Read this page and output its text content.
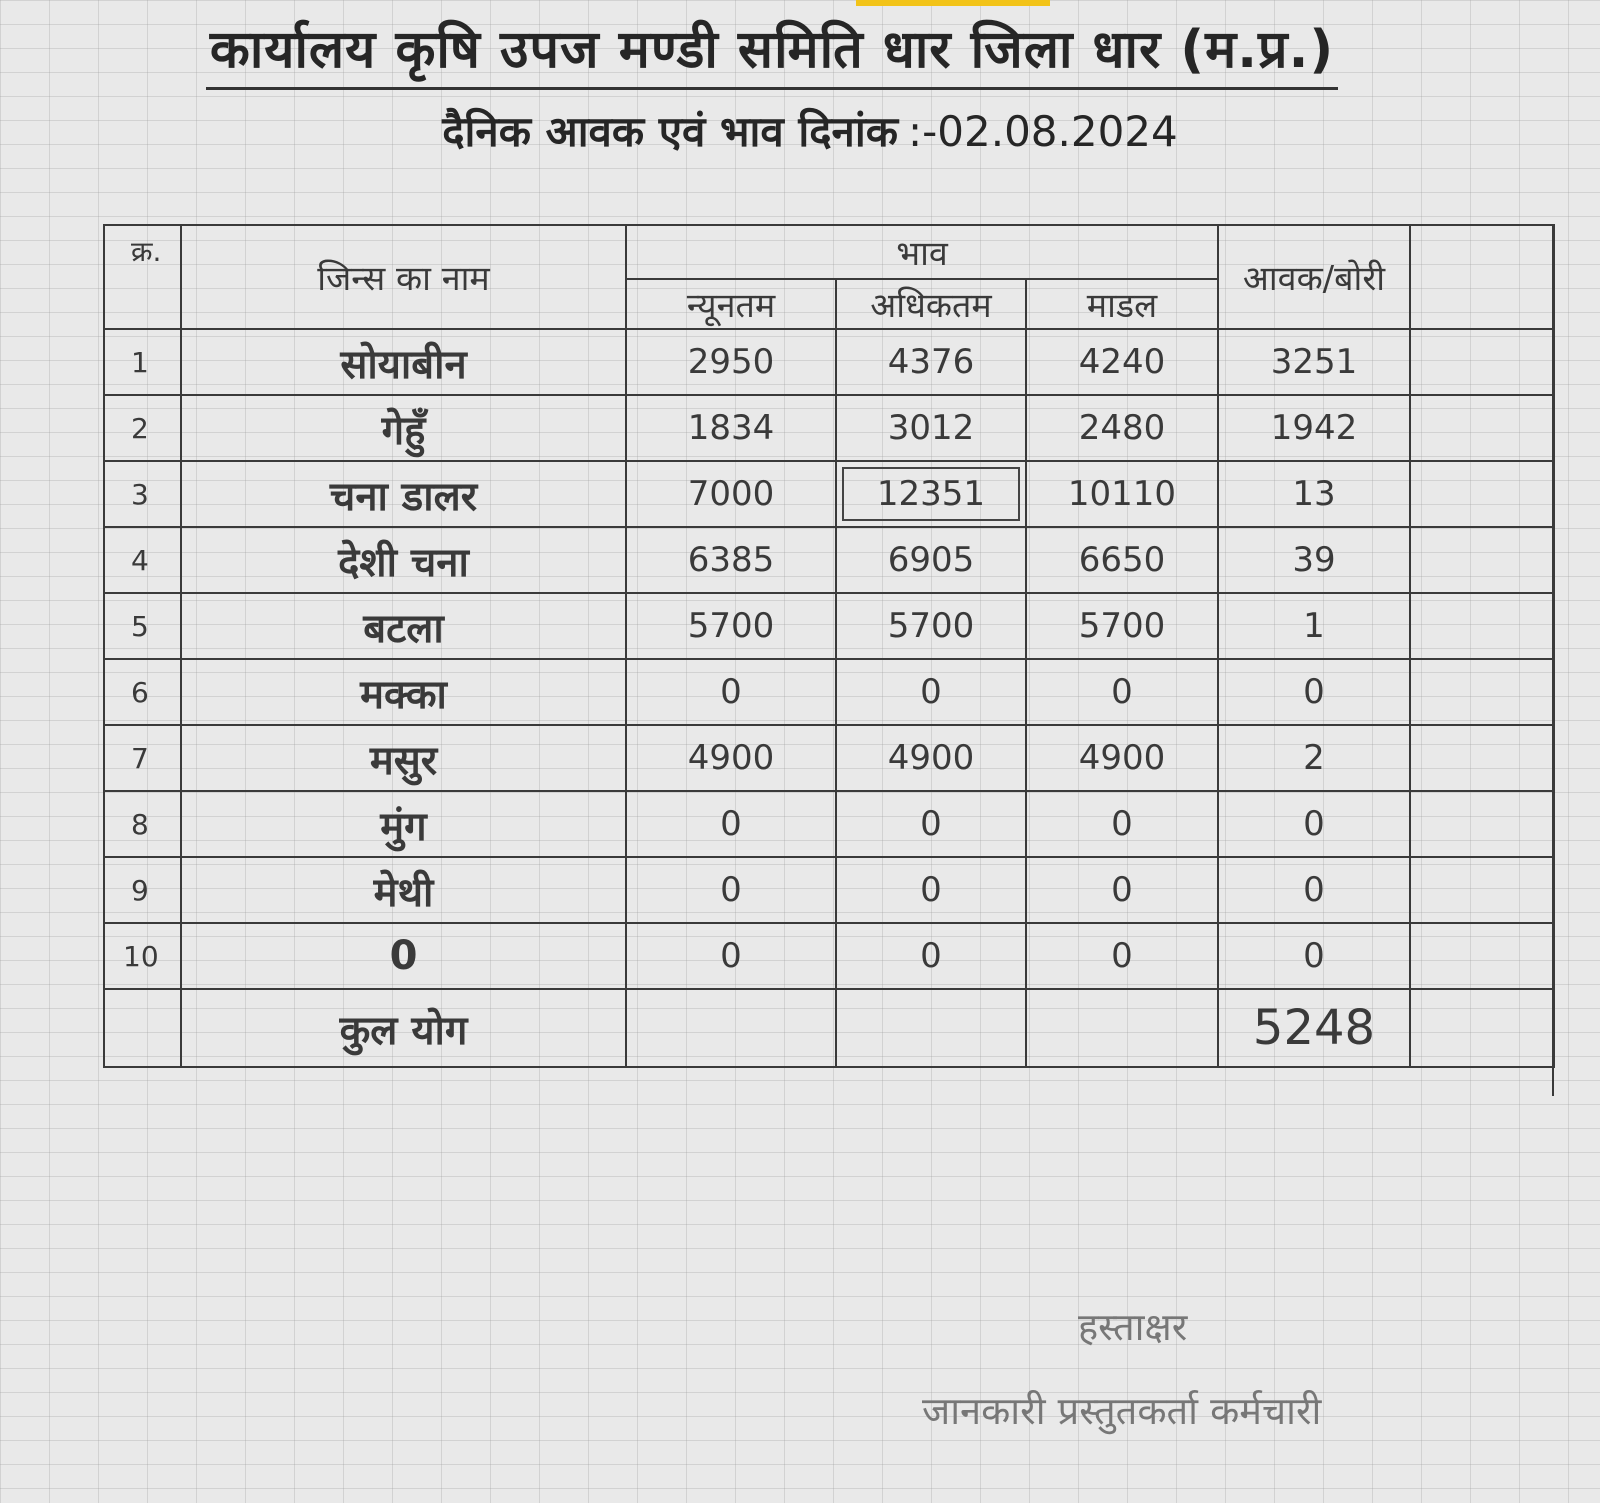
कार्यालय कृषि उपज मण्डी समिति धार जिला धार (म.प्र.)
दैनिक आवक एवं भाव दिनांक :-02.08.2024
क्र.	जिन्स का नाम	भाव			आवक/बोरी	
		न्यूनतम	अधिकतम	माडल		
1	सोयाबीन	2950	4376	4240	3251	
2	गेहुँ	1834	3012	2480	1942	
3	चना डालर	7000	12351	10110	13	
4	देशी चना	6385	6905	6650	39	
5	बटला	5700	5700	5700	1	
6	मक्का	0	0	0	0	
7	मसुर	4900	4900	4900	2	
8	मुंग	0	0	0	0	
9	मेथी	0	0	0	0	
10	0	0	0	0	0	
	कुल योग				5248	
हस्ताक्षर
जानकारी प्रस्तुतकर्ता कर्मचारी
